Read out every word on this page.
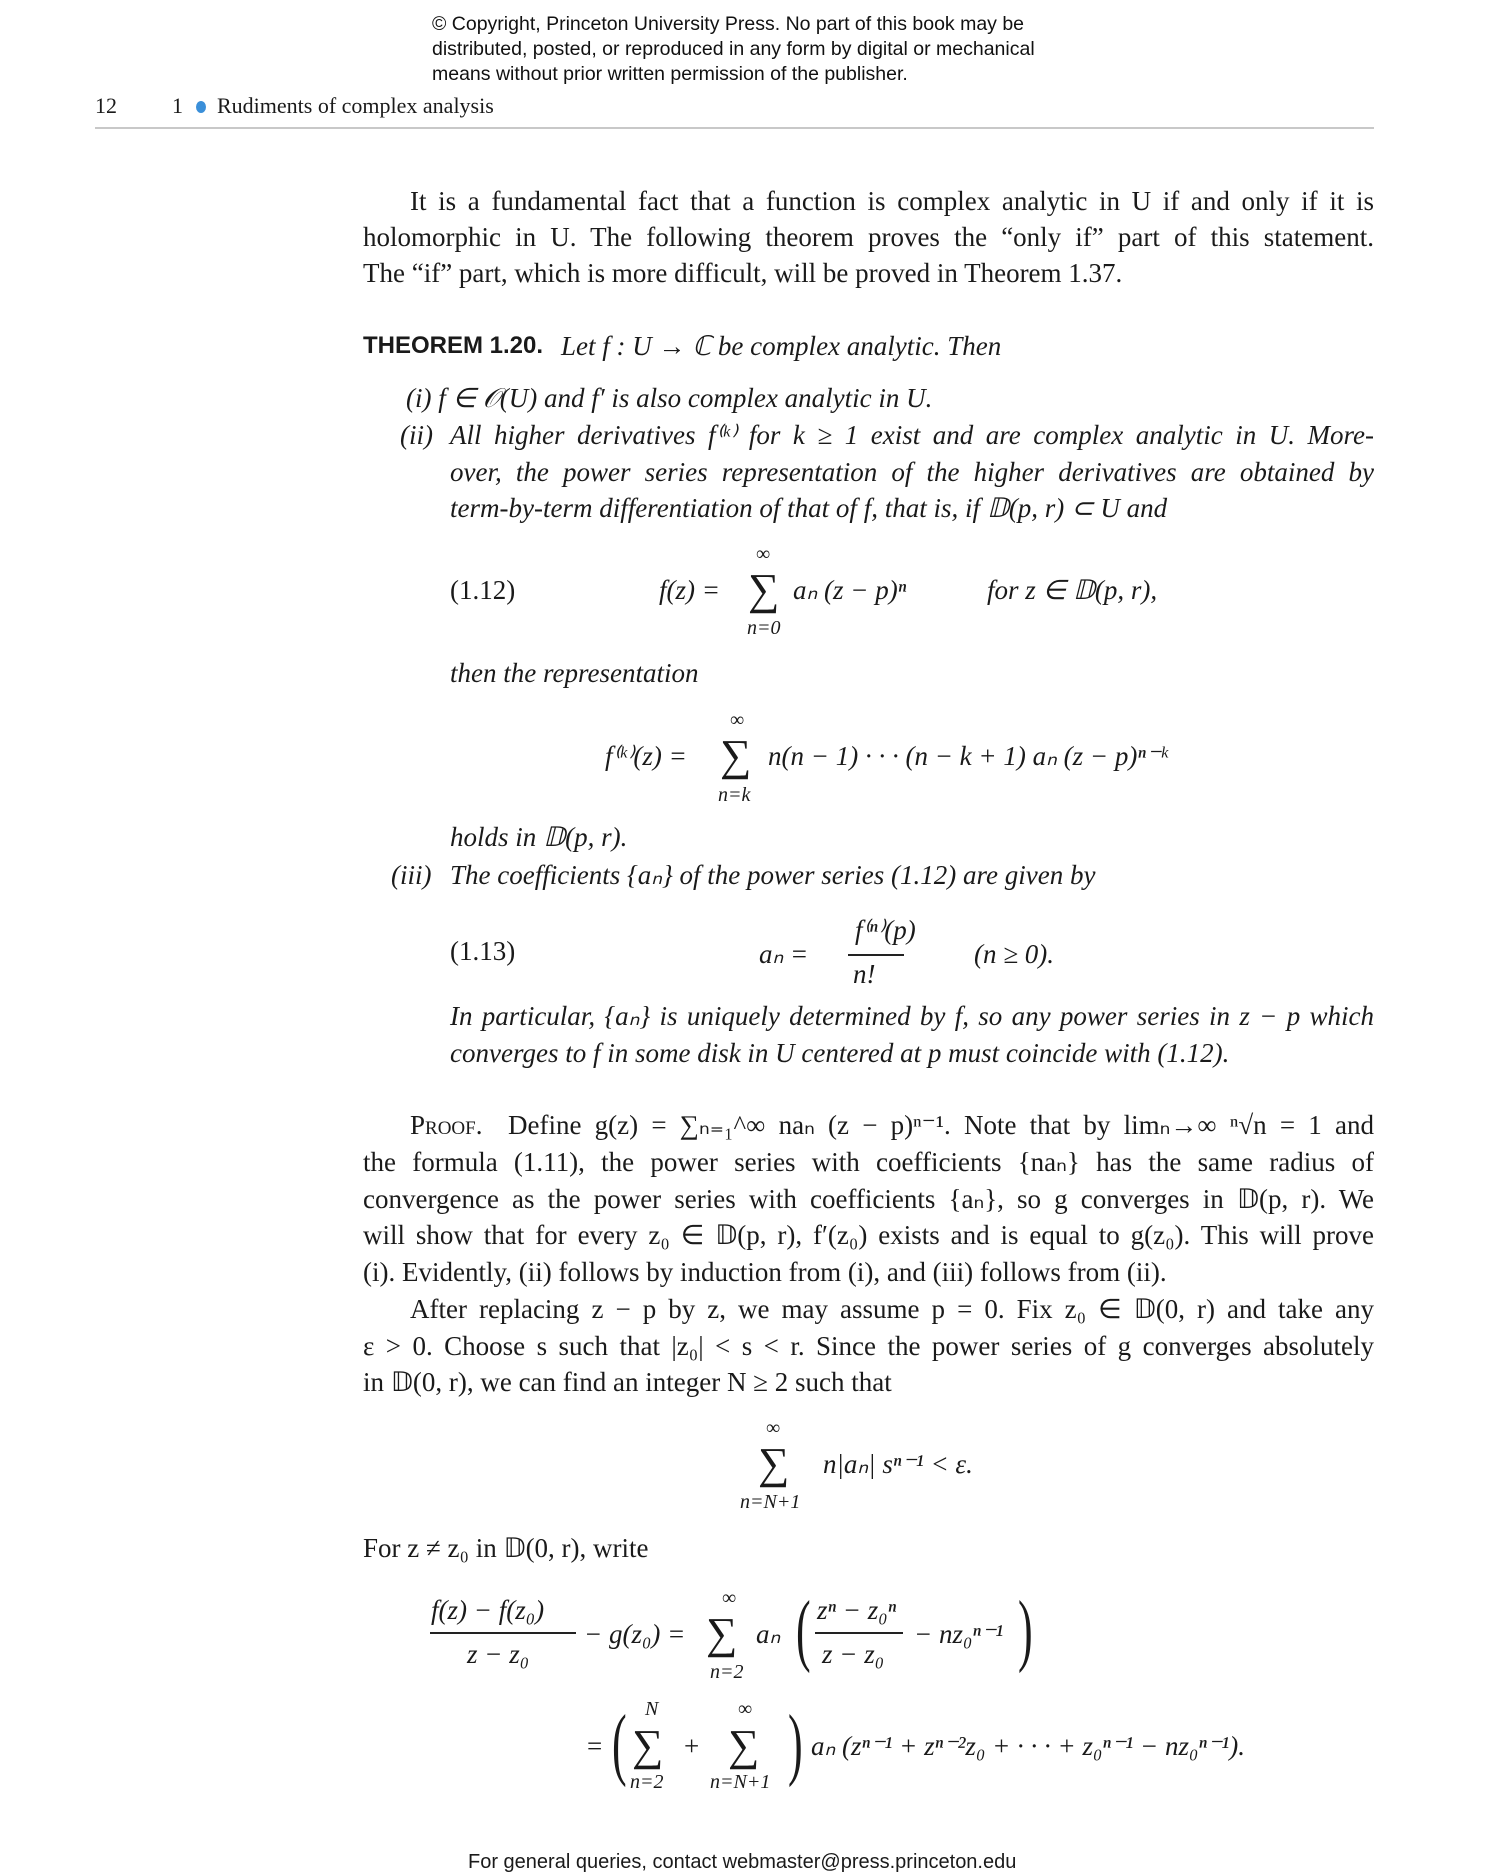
© Copyright, Princeton University Press. No part of this book may be
distributed, posted, or reproduced in any form by digital or mechanical
means without prior written permission of the publisher.
12	1 Rudiments of complex analysis
It is a fundamental fact that a function is complex analytic in U if and only if it is
holomorphic in U. The following theorem proves the “only if” part of this statement.
The “if” part, which is more difficult, will be proved in Theorem 1.37.
THEOREM 1.20. Let f : U → ℂ be complex analytic. Then
(i) f ∈ 𝒪(U) and f′ is also complex analytic in U.
(ii) All higher derivatives f⁽ᵏ⁾ for k ≥ 1 exist and are complex analytic in U. More-
over, the power series representation of the higher derivatives are obtained by
term-by-term differentiation of that of f, that is, if 𝔻(p, r) ⊂ U and
(1.12)	f(z) = ∑
∞
n=0
aₙ (z − p)ⁿ	for z ∈ 𝔻(p, r),
then the representation
f⁽ᵏ⁾(z) = ∑
∞
n=k
n(n − 1) · · · (n − k + 1) aₙ (z − p)ⁿ⁻ᵏ
holds in 𝔻(p, r).
(iii) The coefficients {aₙ} of the power series (1.12) are given by
(1.13)	aₙ =
f⁽ⁿ⁾(p)
n!
(n ≥ 0).
In particular, {aₙ} is uniquely determined by f, so any power series in z − p which
converges to f in some disk in U centered at p must coincide with (1.12).
Proof. Define g(z) = ∑ₙ₌₁^∞ naₙ (z − p)ⁿ⁻¹. Note that by limₙ→∞ ⁿ√n = 1 and
the formula (1.11), the power series with coefficients {naₙ} has the same radius of
convergence as the power series with coefficients {aₙ}, so g converges in 𝔻(p, r). We
will show that for every z₀ ∈ 𝔻(p, r), f′(z₀) exists and is equal to g(z₀). This will prove
(i). Evidently, (ii) follows by induction from (i), and (iii) follows from (ii).
After replacing z − p by z, we may assume p = 0. Fix z₀ ∈ 𝔻(0, r) and take any
ε > 0. Choose s such that |z₀| < s < r. Since the power series of g converges absolutely
in 𝔻(0, r), we can find an integer N ≥ 2 such that
∑
∞
n=N+1
n|aₙ| sⁿ⁻¹ < ε.
For z ≠ z₀ in 𝔻(0, r), write
f(z) − f(z₀)
z − z₀
− g(z₀) = ∑
∞
n=2
aₙ ( zⁿ − z₀ⁿ
z − z₀
− nz₀ⁿ⁻¹ )
= ( ∑
N
n=2
+ ∑
∞
n=N+1 ) aₙ (zⁿ⁻¹ + zⁿ⁻²z₀ + · · · + z₀ⁿ⁻¹ − nz₀ⁿ⁻¹).
For general queries, contact webmaster@press.princeton.edu
